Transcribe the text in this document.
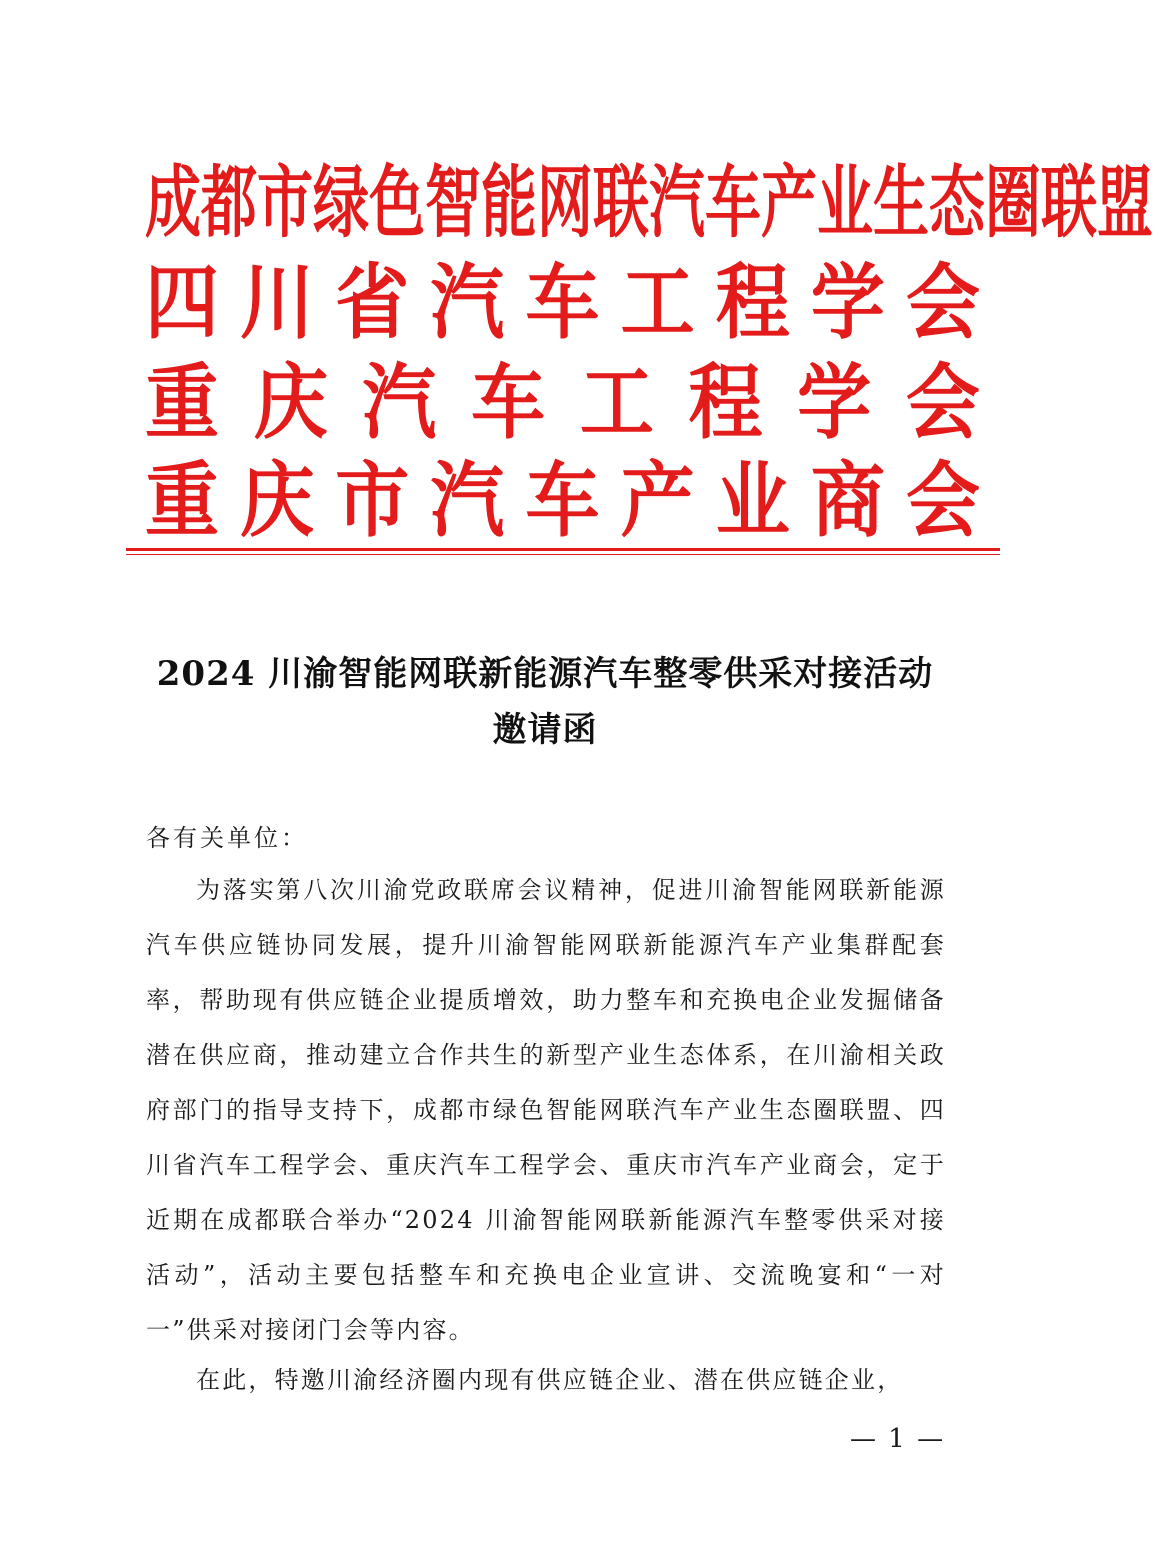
成 都 市 绿 色 智 能 网 联 汽 车 产 业 生 态 圈 联 盟
四 川 省 汽 车 工 程 学 会
重 庆 汽 车 工 程 学 会
重 庆 市 汽 车 产 业 商 会
2024 川渝智能网联新能源汽车整零供采对接活动
邀请函
各有关单位：

为落实第八次川渝党政联席会议精神，促进川渝智能网联新能源汽车供应链协同发展，提升川渝智能网联新能源汽车产业集群配套率，帮助现有供应链企业提质增效，助力整车和充换电企业发掘储备潜在供应商，推动建立合作共生的新型产业生态体系，在川渝相关政府部门的指导支持下，成都市绿色智能网联汽车产业生态圈联盟、四川省汽车工程学会、重庆汽车工程学会、重庆市汽车产业商会，定于近期在成都联合举办“2024 川渝智能网联新能源汽车整零供采对接活动”，活动主要包括整车和充换电企业宣讲、交流晚宴和“一对一”供采对接闭门会等内容。

在此，特邀川渝经济圈内现有供应链企业、潜在供应链企业，

— 1 —
